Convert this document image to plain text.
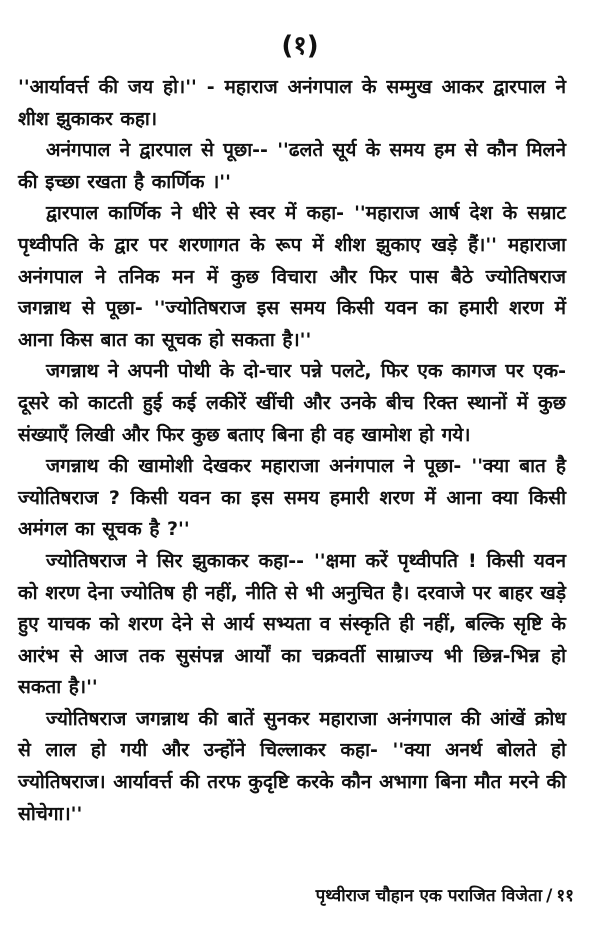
(१)

''आर्यावर्त्त की जय हो।'' - महाराज अनंगपाल के सम्मुख आकर द्वारपाल ने शीश झुकाकर कहा।

अनंगपाल ने द्वारपाल से पूछा-- ''ढलते सूर्य के समय हम से कौन मिलने की इच्छा रखता है कार्णिक ।''

द्वारपाल कार्णिक ने धीरे से स्वर में कहा- ''महाराज आर्ष देश के सम्राट पृथ्वीपति के द्वार पर शरणागत के रूप में शीश झुकाए खड़े हैं।'' महाराजा अनंगपाल ने तनिक मन में कुछ विचारा और फिर पास बैठे ज्योतिषराज जगन्नाथ से पूछा- ''ज्योतिषराज इस समय किसी यवन का हमारी शरण में आना किस बात का सूचक हो सकता है।''

जगन्नाथ ने अपनी पोथी के दो-चार पन्ने पलटे, फिर एक कागज पर एक-दूसरे को काटती हुई कई लकीरें खींची और उनके बीच रिक्त स्थानों में कुछ संख्याएँ लिखी और फिर कुछ बताए बिना ही वह खामोश हो गये।

जगन्नाथ की खामोशी देखकर महाराजा अनंगपाल ने पूछा- ''क्या बात है ज्योतिषराज ? किसी यवन का इस समय हमारी शरण में आना क्या किसी अमंगल का सूचक है ?''

ज्योतिषराज ने सिर झुकाकर कहा-- ''क्षमा करें पृथ्वीपति ! किसी यवन को शरण देना ज्योतिष ही नहीं, नीति से भी अनुचित है। दरवाजे पर बाहर खड़े हुए याचक को शरण देने से आर्य सभ्यता व संस्कृति ही नहीं, बल्कि सृष्टि के आरंभ से आज तक सुसंपन्न आर्यों का चक्रवर्ती साम्राज्य भी छिन्न-भिन्न हो सकता है।''

ज्योतिषराज जगन्नाथ की बातें सुनकर महाराजा अनंगपाल की आंखें क्रोध से लाल हो गयी और उन्होंने चिल्लाकर कहा- ''क्या अनर्थ बोलते हो ज्योतिषराज। आर्यावर्त्त की तरफ कुदृष्टि करके कौन अभागा बिना मौत मरने की सोचेगा।''

पृथ्वीराज चौहान एक पराजित विजेता / ११
